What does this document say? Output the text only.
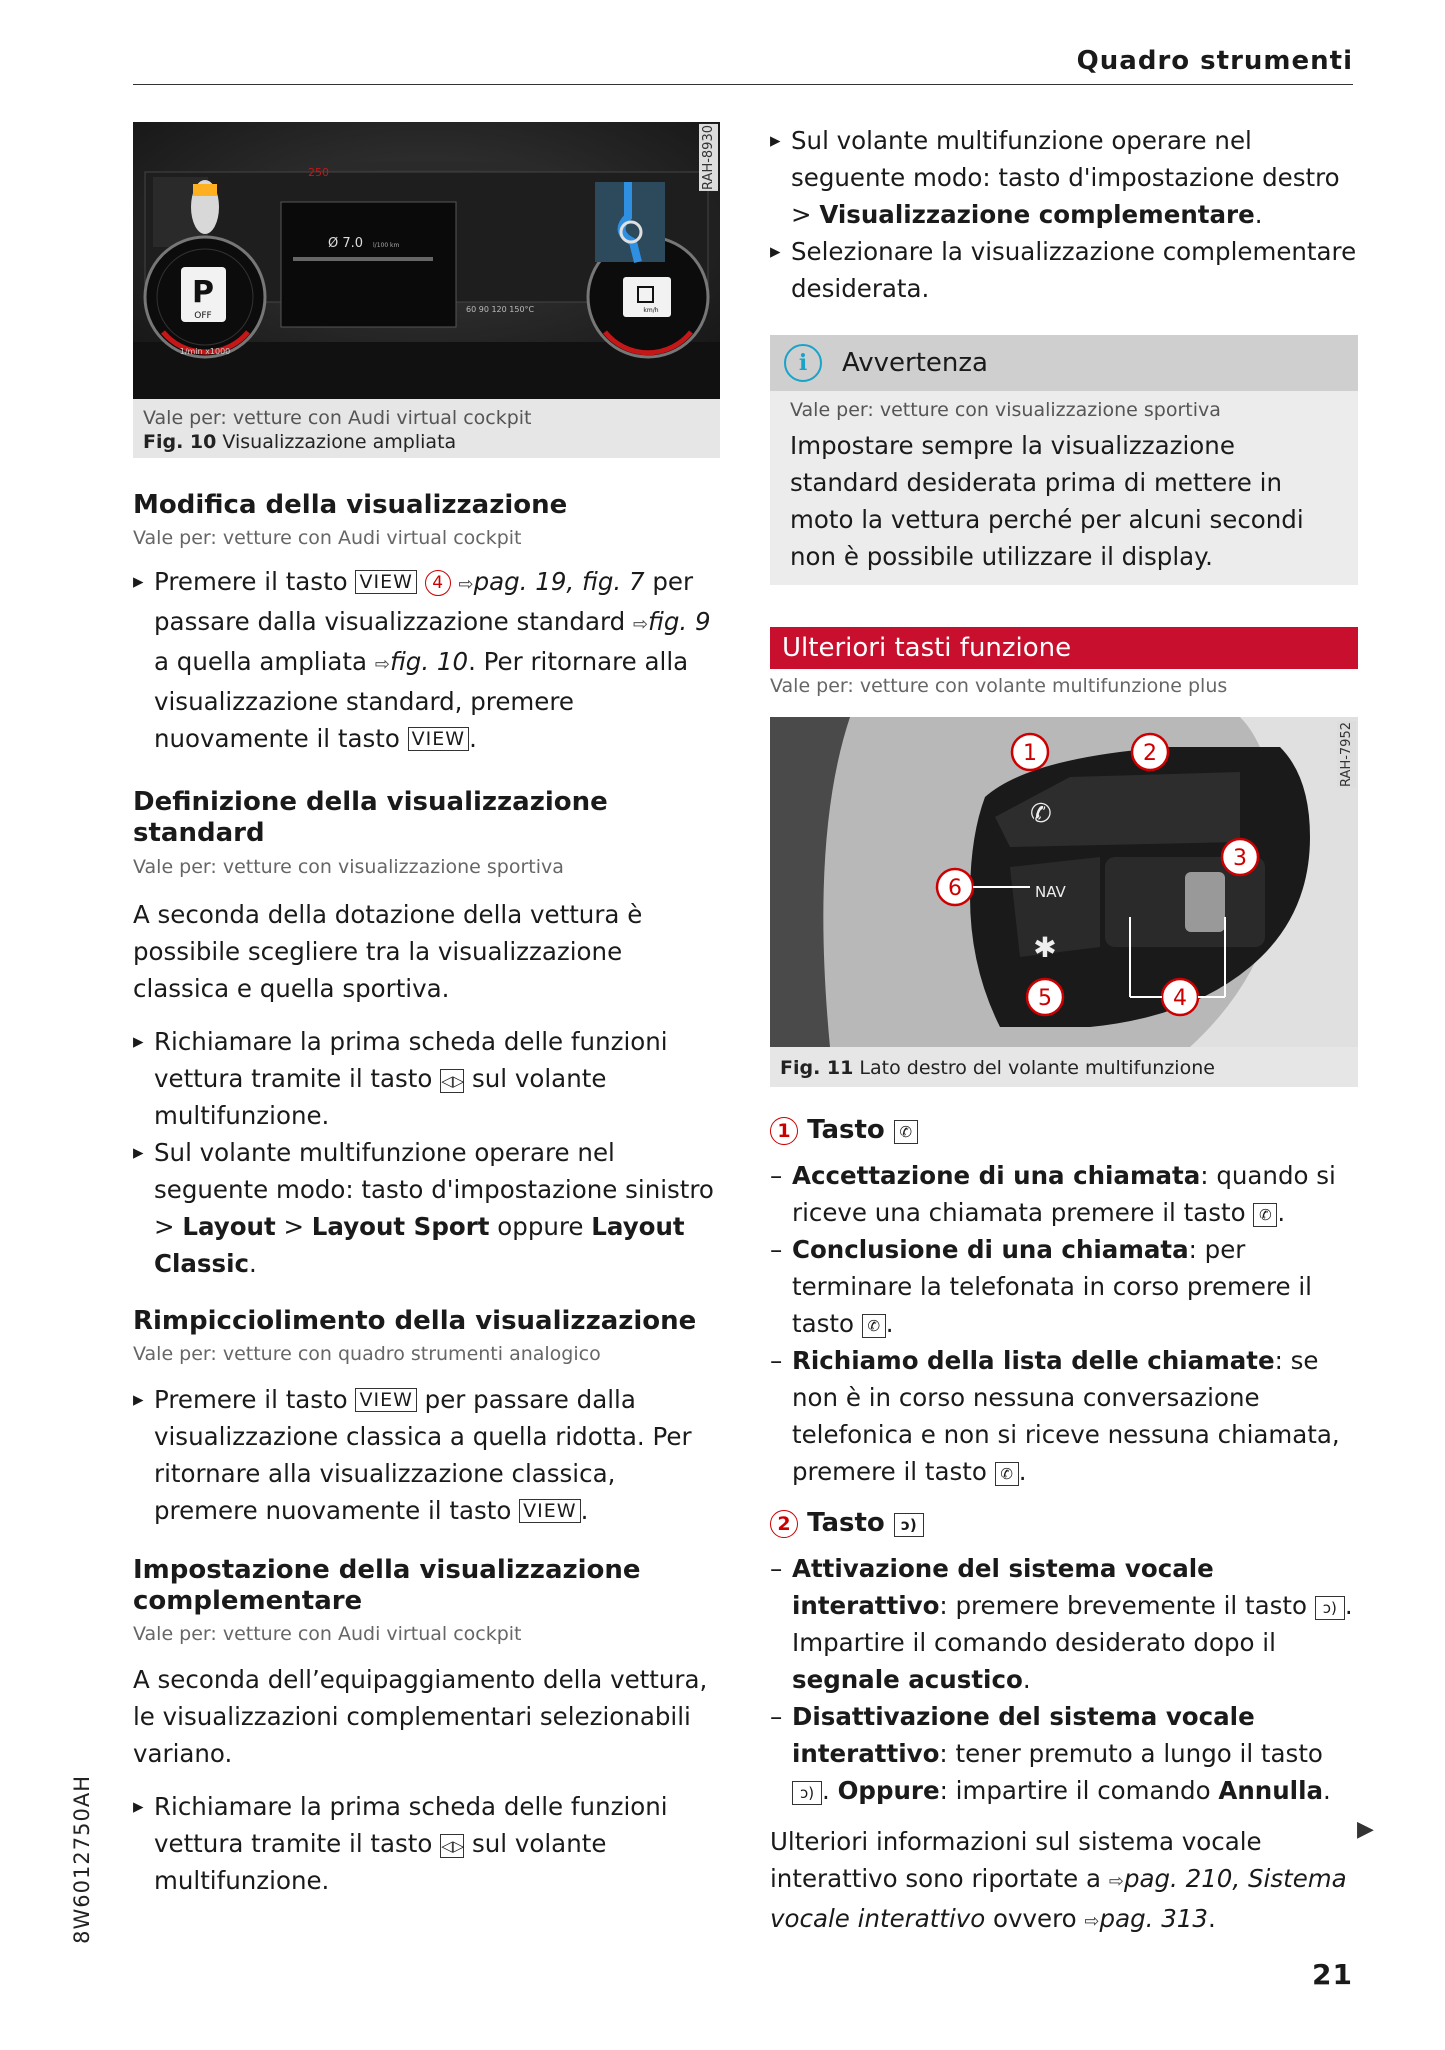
Quadro strumenti
P
OFF
1/min x1000
250
Ø 7.0 l/100 km
60 90 120 150°C	km/h
RAH-8930
Vale per: vetture con Audi virtual cockpit
Fig. 10 Visualizzazione ampliata
Modifica della visualizzazione
Vale per: vetture con Audi virtual cockpit
▸ Premere il tasto VIEW 4 ⇨pag. 19, fig. 7 per passare dalla visualizzazione standard ⇨fig. 9 a quella ampliata ⇨fig. 10. Per ritornare alla visualizzazione standard, premere nuovamente il tasto VIEW .
Definizione della visualizzazione standard
Vale per: vetture con visualizzazione sportiva

A seconda della dotazione della vettura è possibile scegliere tra la visualizzazione classica e quella sportiva.

▸ Richiamare la prima scheda delle funzioni vettura tramite il tasto ◁▷ sul volante multifunzione.
▸ Sul volante multifunzione operare nel seguente modo: tasto d'impostazione sinistro > Layout > Layout Sport oppure Layout Classic.
Rimpicciolimento della visualizzazione
Vale per: vetture con quadro strumenti analogico
▸ Premere il tasto VIEW per passare dalla visualizzazione classica a quella ridotta. Per ritornare alla visualizzazione classica, premere nuovamente il tasto VIEW .
Impostazione della visualizzazione complementare
Vale per: vetture con Audi virtual cockpit

A seconda dell’equipaggiamento della vettura, le visualizzazioni complementari selezionabili variano.

▸ Richiamare la prima scheda delle funzioni vettura tramite il tasto ◁▷ sul volante multifunzione.
▸ Sul volante multifunzione operare nel seguente modo: tasto d'impostazione destro > Visualizzazione complementare.
▸ Selezionare la visualizzazione complementare desiderata.
i	Avvertenza
Vale per: vetture con visualizzazione sportiva
Impostare sempre la visualizzazione standard desiderata prima di mettere in moto la vettura perché per alcuni secondi non è possibile utilizzare il display.
Ulteriori tasti funzione
Vale per: vetture con volante multifunzione plus
3
1	2
6
5	4
NAV
✱
✆
RAH-7952
Fig. 11 Lato destro del volante multifunzione
1 Tasto ✆
– Accettazione di una chiamata: quando si riceve una chiamata premere il tasto ✆ .
– Conclusione di una chiamata: per terminare la telefonata in corso premere il tasto ✆ .
– Richiamo della lista delle chiamate: se non è in corso nessuna conversazione telefonica e non si riceve nessuna chiamata, premere il tasto ✆ .
2 Tasto ↄ)
– Attivazione del sistema vocale interattivo: premere brevemente il tasto ↄ) . Impartire il comando desiderato dopo il segnale acustico.
– Disattivazione del sistema vocale interattivo: tener premuto a lungo il tasto ↄ) . Oppure: impartire il comando Annulla.

Ulteriori informazioni sul sistema vocale interattivo sono riportate a ⇨pag. 210, Sistema vocale interattivo ovvero ⇨pag. 313.

▶
8W6012750AH
21
